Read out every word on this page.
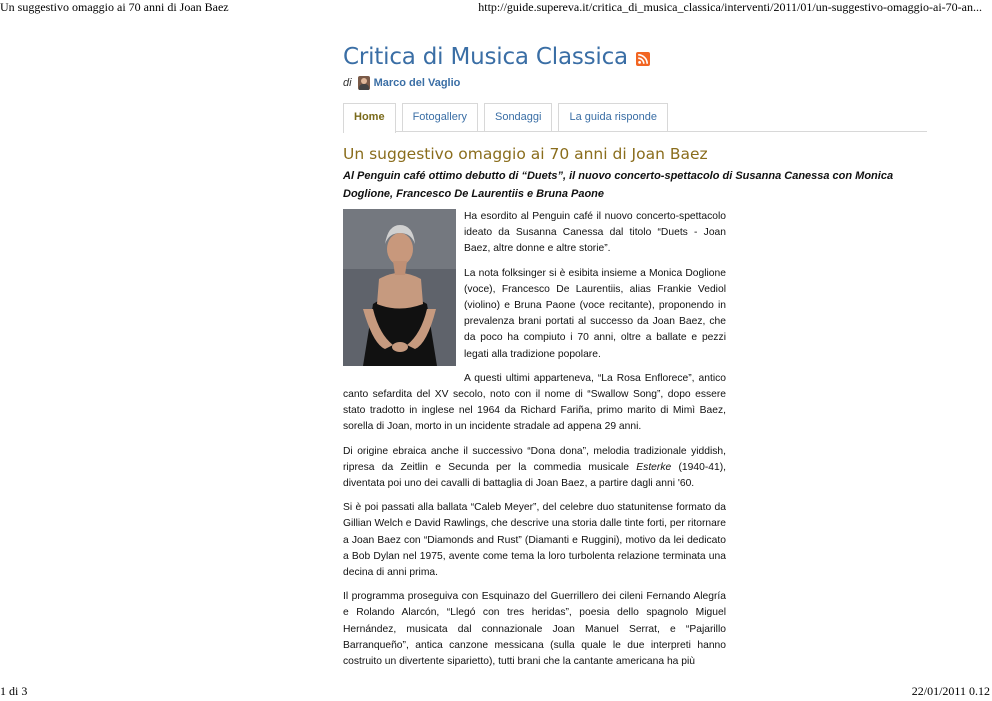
Un suggestivo omaggio ai 70 anni di Joan Baez	http://guide.supereva.it/critica_di_musica_classica/interventi/2011/01/un-suggestivo-omaggio-ai-70-an...
Critica di Musica Classica
di Marco del Vaglio
Home	Fotogallery	Sondaggi	La guida risponde
Un suggestivo omaggio ai 70 anni di Joan Baez
Al Penguin café ottimo debutto di “Duets”, il nuovo concerto-spettacolo di Susanna Canessa con Monica Doglione, Francesco De Laurentiis e Bruna Paone

Ha esordito al Penguin café il nuovo concerto-spettacolo ideato da Susanna Canessa dal titolo “Duets - Joan Baez, altre donne e altre storie”.

La nota folksinger si è esibita insieme a Monica Doglione (voce), Francesco De Laurentiis, alias Frankie Vediol (violino) e Bruna Paone (voce recitante), proponendo in prevalenza brani portati al successo da Joan Baez, che da poco ha compiuto i 70 anni, oltre a ballate e pezzi legati alla tradizione popolare.

A questi ultimi apparteneva, “La Rosa Enflorece”, antico canto sefardita del XV secolo, noto con il nome di “Swallow Song”, dopo essere stato tradotto in inglese nel 1964 da Richard Fariña, primo marito di Mimì Baez, sorella di Joan, morto in un incidente stradale ad appena 29 anni.

Di origine ebraica anche il successivo “Dona dona”, melodia tradizionale yiddish, ripresa da Zeitlin e Secunda per la commedia musicale Esterke (1940-41), diventata poi uno dei cavalli di battaglia di Joan Baez, a partire dagli anni '60.

Si è poi passati alla ballata “Caleb Meyer”, del celebre duo statunitense formato da Gillian Welch e David Rawlings, che descrive una storia dalle tinte forti, per ritornare a Joan Baez con “Diamonds and Rust” (Diamanti e Ruggini), motivo da lei dedicato a Bob Dylan nel 1975, avente come tema la loro turbolenta relazione terminata una decina di anni prima.

Il programma proseguiva con Esquinazo del Guerrillero dei cileni Fernando Alegría e Rolando Alarcón, “Llegó con tres heridas”, poesia dello spagnolo Miguel Hernández, musicata dal connazionale Joan Manuel Serrat, e “Pajarillo Barranqueño”, antica canzone messicana (sulla quale le due interpreti hanno costruito un divertente siparietto), tutti brani che la cantante americana ha più

1 di 3	22/01/2011 0.12
